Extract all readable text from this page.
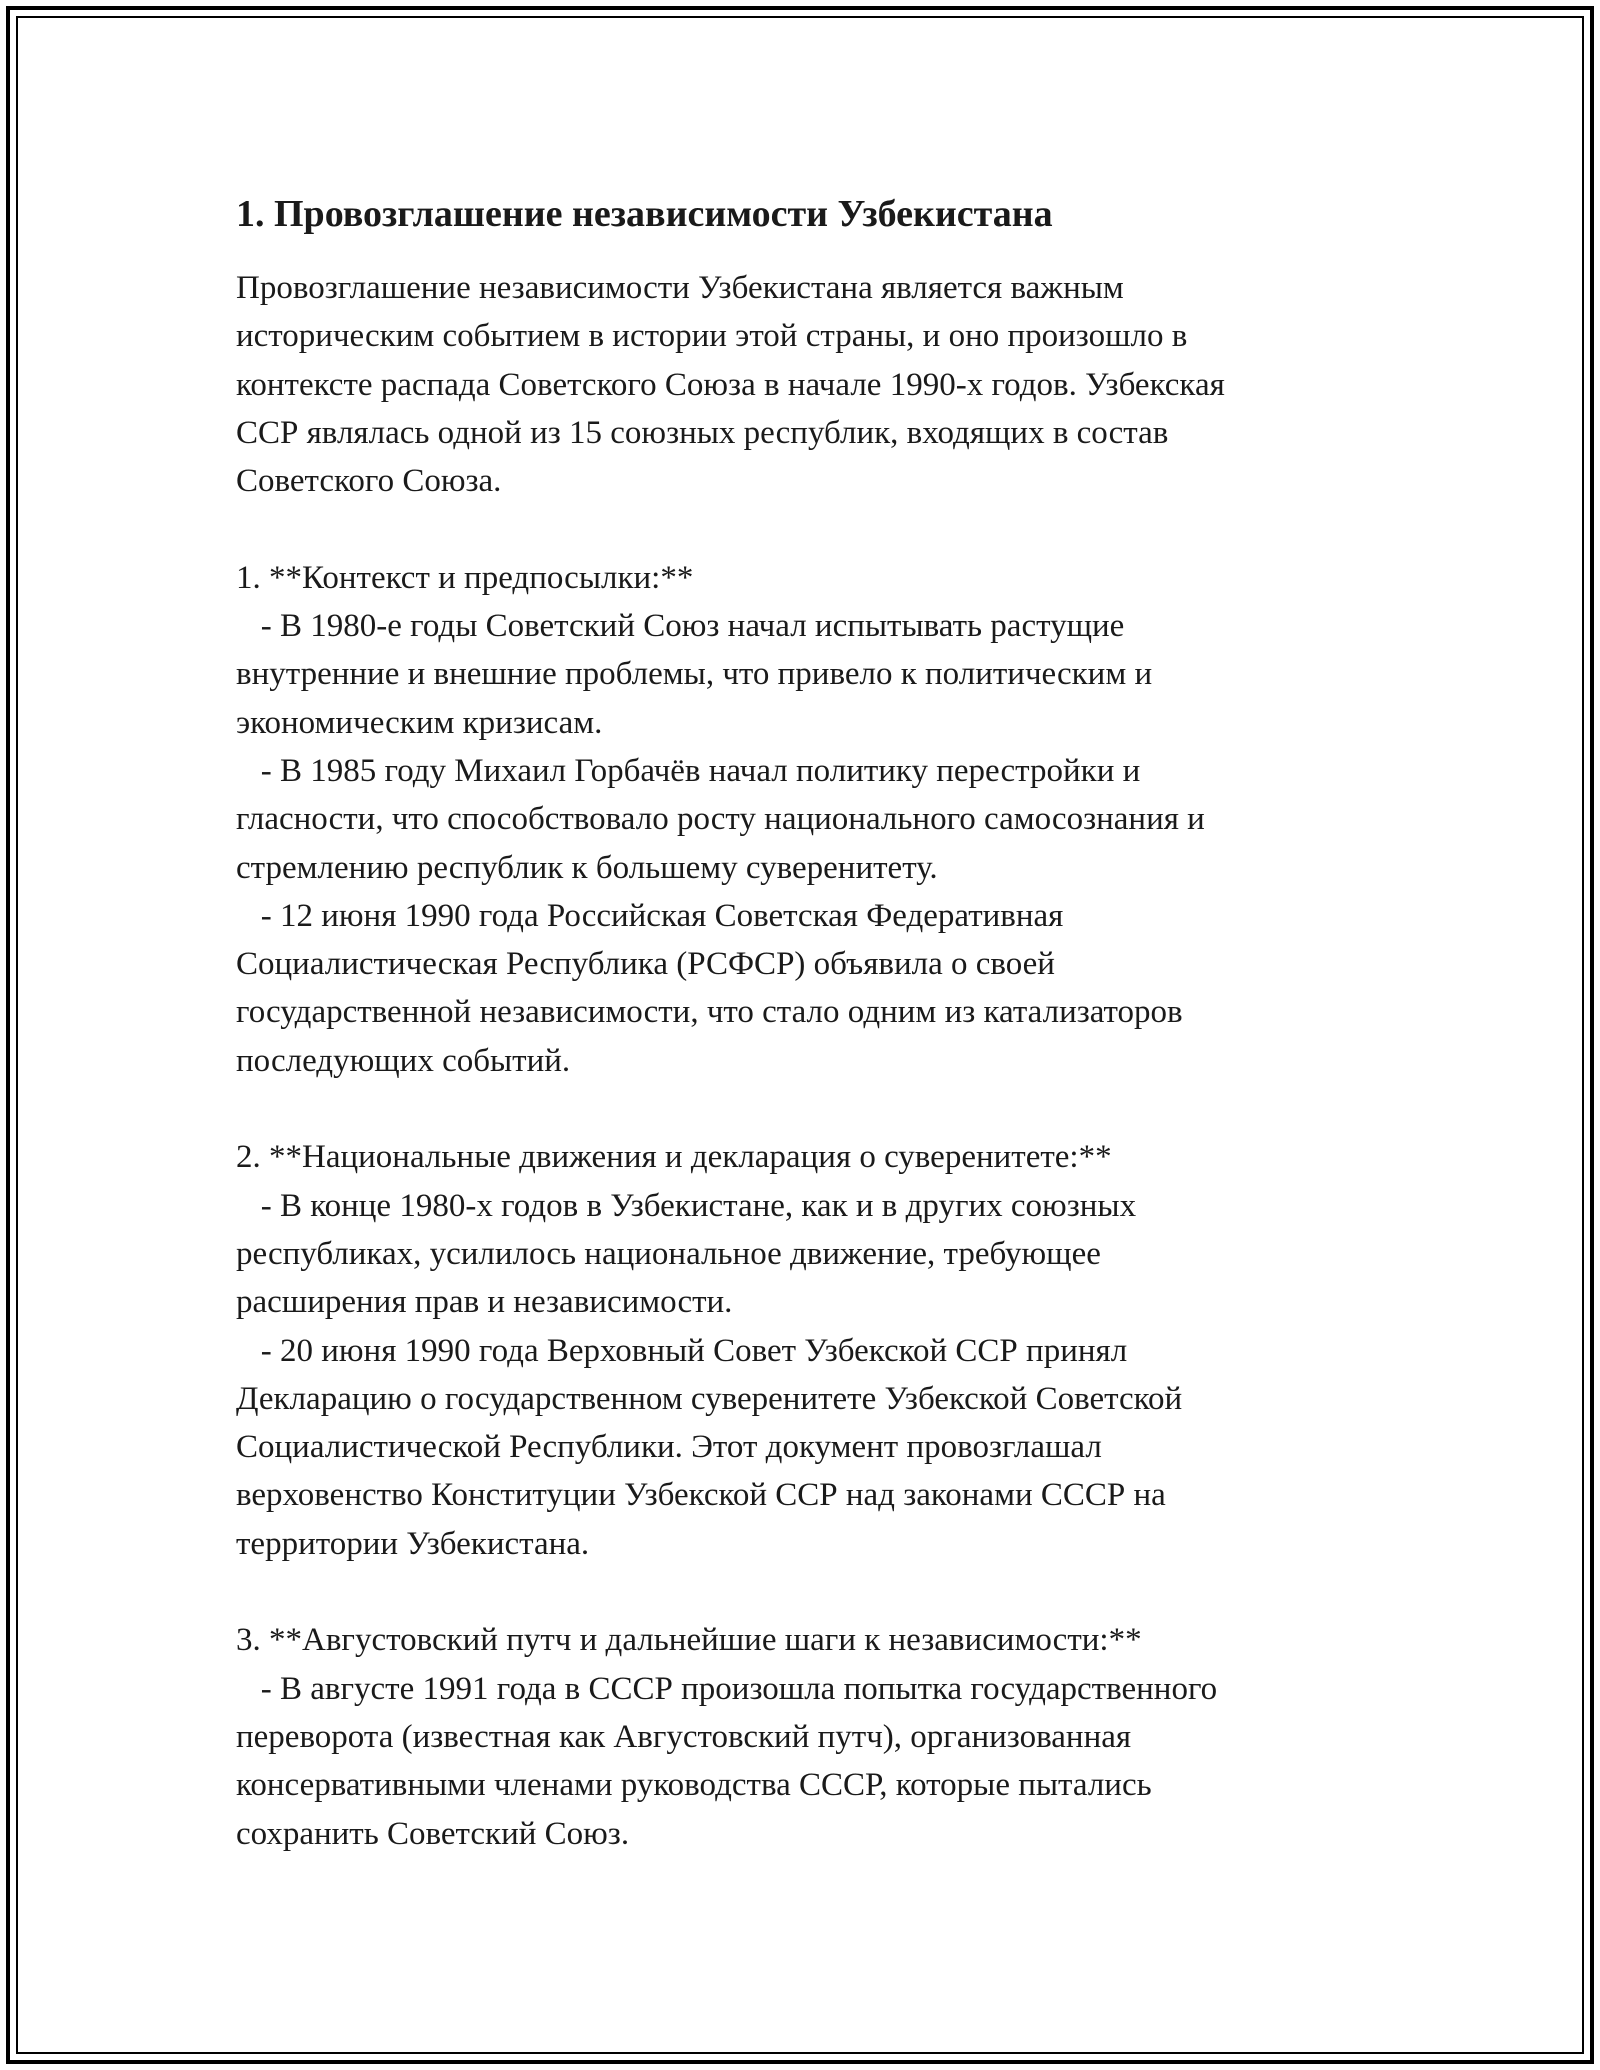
1. Провозглашение независимости Узбекистана

Провозглашение независимости Узбекистана является важным

историческим событием в истории этой страны, и оно произошло в

контексте распада Советского Союза в начале 1990-х годов. Узбекская

ССР являлась одной из 15 союзных республик, входящих в состав

Советского Союза.

1. **Контекст и предпосылки:**

- В 1980-е годы Советский Союз начал испытывать растущие

внутренние и внешние проблемы, что привело к политическим и

экономическим кризисам.

- В 1985 году Михаил Горбачёв начал политику перестройки и

гласности, что способствовало росту национального самосознания и

стремлению республик к большему суверенитету.

- 12 июня 1990 года Российская Советская Федеративная

Социалистическая Республика (РСФСР) объявила о своей

государственной независимости, что стало одним из катализаторов

последующих событий.

2. **Национальные движения и декларация о суверенитете:**

- В конце 1980-х годов в Узбекистане, как и в других союзных

республиках, усилилось национальное движение, требующее

расширения прав и независимости.

- 20 июня 1990 года Верховный Совет Узбекской ССР принял

Декларацию о государственном суверенитете Узбекской Советской

Социалистической Республики. Этот документ провозглашал

верховенство Конституции Узбекской ССР над законами СССР на

территории Узбекистана.

3. **Августовский путч и дальнейшие шаги к независимости:**

- В августе 1991 года в СССР произошла попытка государственного

переворота (известная как Августовский путч), организованная

консервативными членами руководства СССР, которые пытались

сохранить Советский Союз.
